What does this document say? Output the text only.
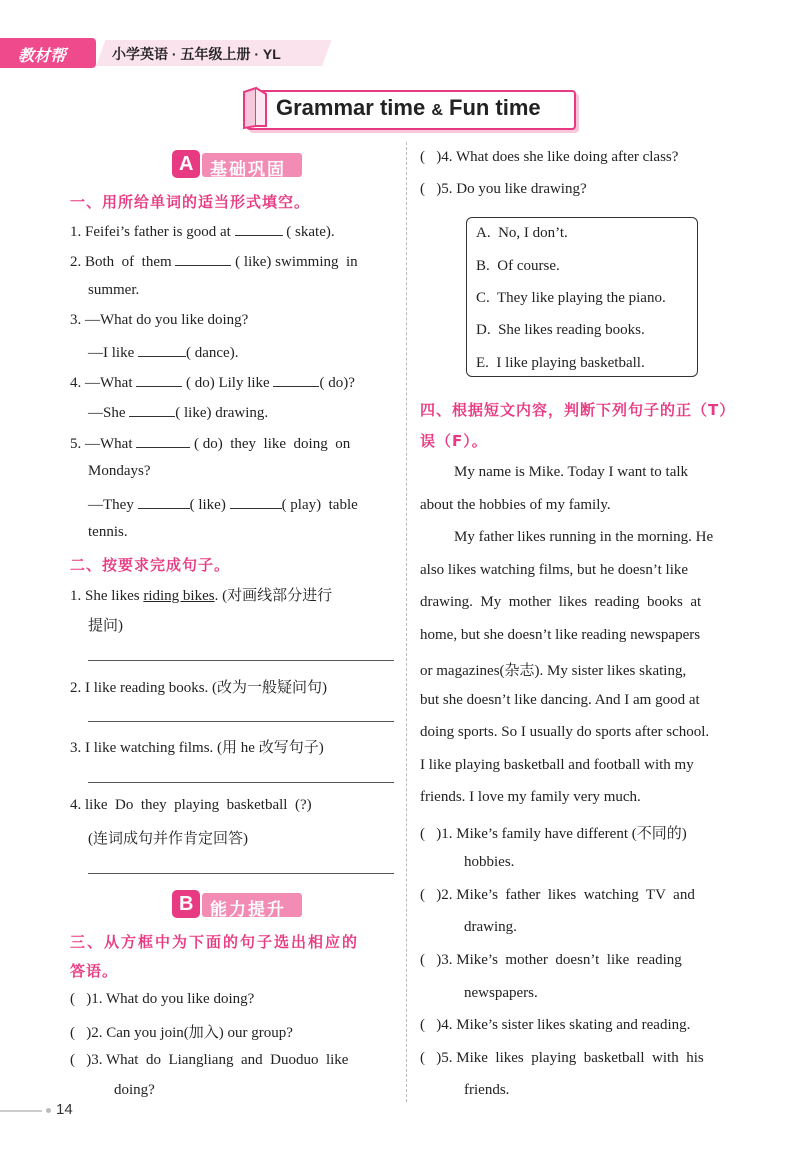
教材帮	小学英语 · 五年级上册 · YL
Grammar time & Fun time
A 基础巩固
一、用所给单词的适当形式填空。
1. Feifei’s father is good at	( skate).
2. Both  of  them	( like) swimming  in
summer.
3. —What do you like doing?
—I like	( dance).
4. —What	( do) Lily like	( do)?
—She	( like) drawing.
5. —What	( do)  they  like  doing  on
Mondays?
—They	( like)	( play)  table
tennis.
二、按要求完成句子。
1. She likes riding bikes. (对画线部分进行
提问)
2. I like reading books. (改为一般疑问句)
3. I like watching films. (用 he 改写句子)
4. like  Do  they  playing  basketball  (?)
(连词成句并作肯定回答)
B 能力提升
三、从方框中为下面的句子选出相应的
答语。
(   )1. What do you like doing?
(   )2. Can you join(加入) our group?
(   )3. What  do  Liangliang  and  Duoduo  like
doing?
(   )4. What does she like doing after class?
(   )5. Do you like drawing?
A.  No, I don’t.
B.  Of course.
C.  They like playing the piano.
D.  She likes reading books.
E.  I like playing basketball.
四、根据短文内容，判断下列句子的正（T）
误（F）。
My name is Mike. Today I want to talk
about the hobbies of my family.
My father likes running in the morning. He
also likes watching films, but he doesn’t like
drawing.  My  mother  likes  reading  books  at
home, but she doesn’t like reading newspapers
or magazines(杂志). My sister likes skating,
but she doesn’t like dancing. And I am good at
doing sports. So I usually do sports after school.
I like playing basketball and football with my
friends. I love my family very much.
(   )1. Mike’s family have different (不同的)
hobbies.
(   )2. Mike’s  father  likes  watching  TV  and
drawing.
(   )3. Mike’s  mother  doesn’t  like  reading
newspapers.
(   )4. Mike’s sister likes skating and reading.
(   )5. Mike  likes  playing  basketball  with  his
friends.
14
